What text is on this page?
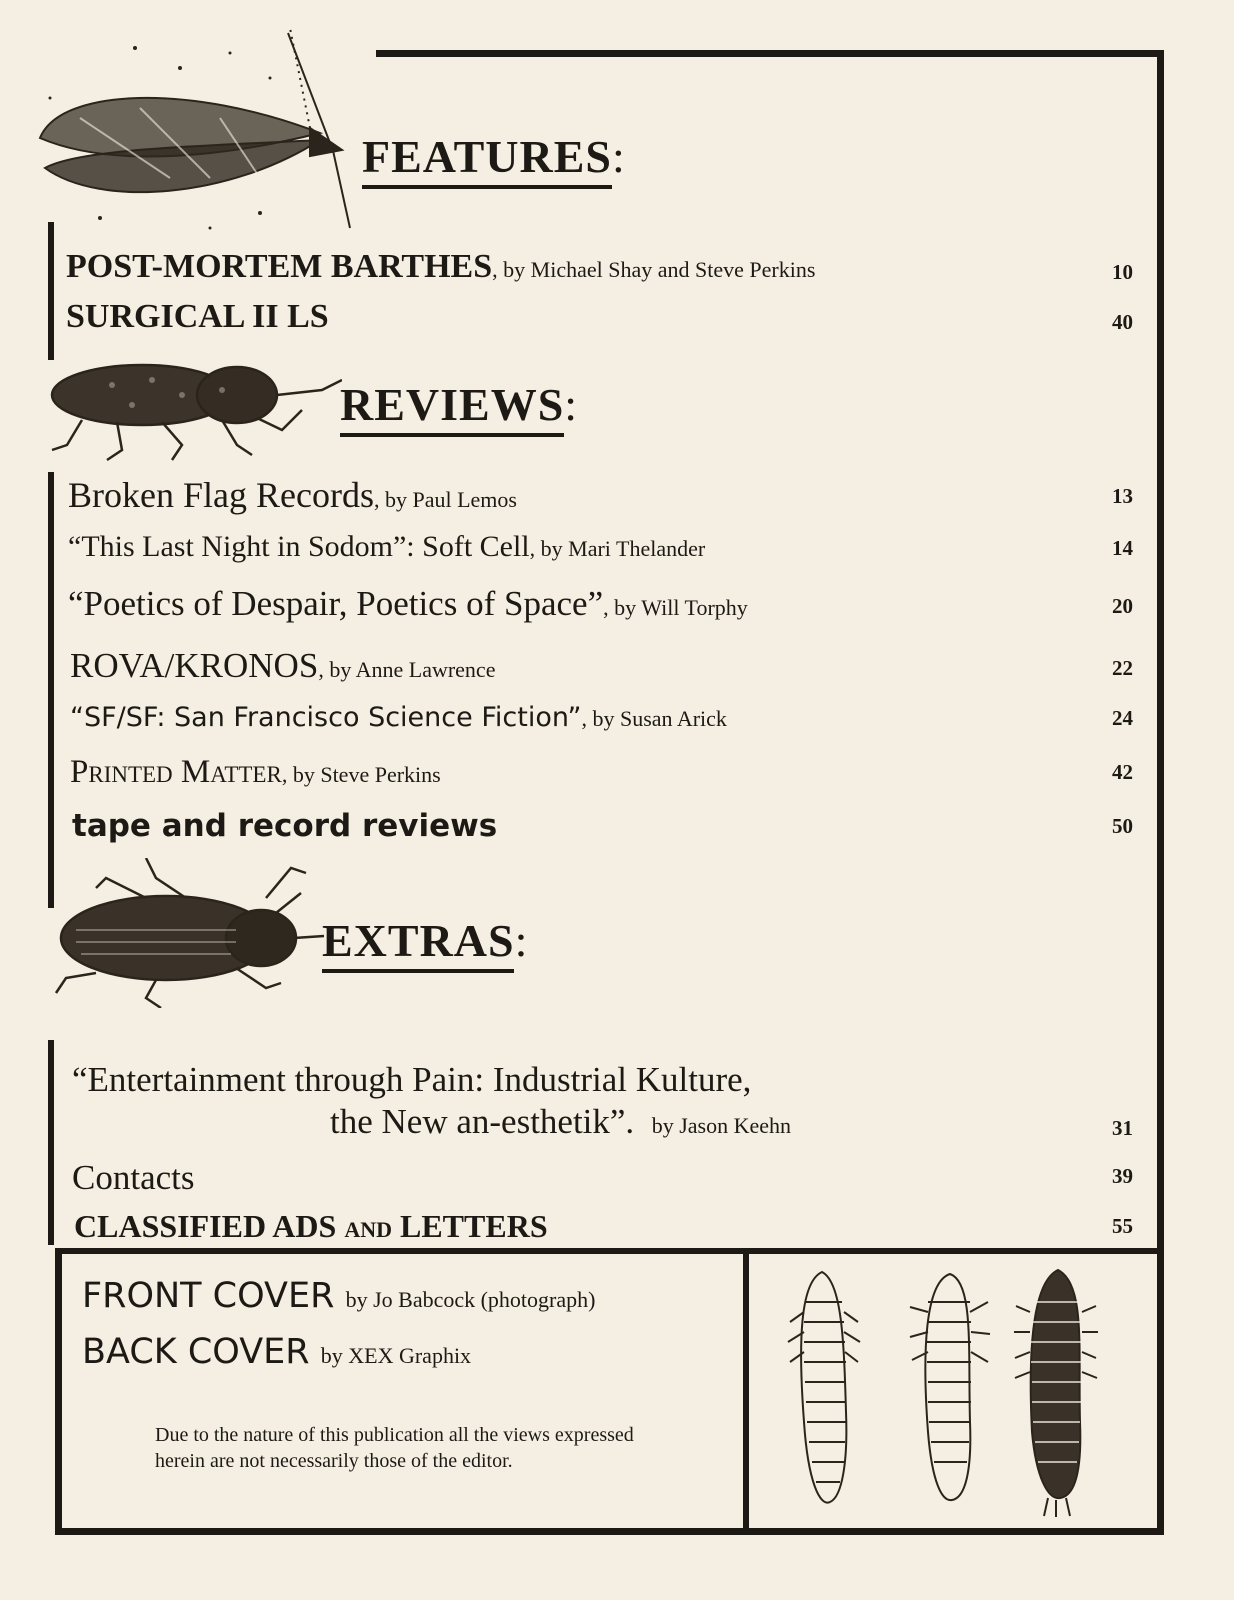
FEATURES:
POST-MORTEM BARTHES, by Michael Shay and Steve Perkins	10
SURGICAL II LS	40
REVIEWS:
Broken Flag Records, by Paul Lemos	13
“This Last Night in Sodom”: Soft Cell, by Mari Thelander	14
“Poetics of Despair, Poetics of Space”, by Will Torphy	20
ROVA/KRONOS, by Anne Lawrence	22
“SF/SF: San Francisco Science Fiction”, by Susan Arick	24
Printed Matter, by Steve Perkins	42
tape and record reviews	50
EXTRAS:
“Entertainment through Pain: Industrial Kulture,
the New an-esthetik”. by Jason Keehn	31
Contacts	39
CLASSIFIED ADS AND LETTERS	55
FRONT COVER by Jo Babcock (photograph)
BACK COVER by XEX Graphix
Due to the nature of this publication all the views expressed herein are not necessarily those of the editor.
